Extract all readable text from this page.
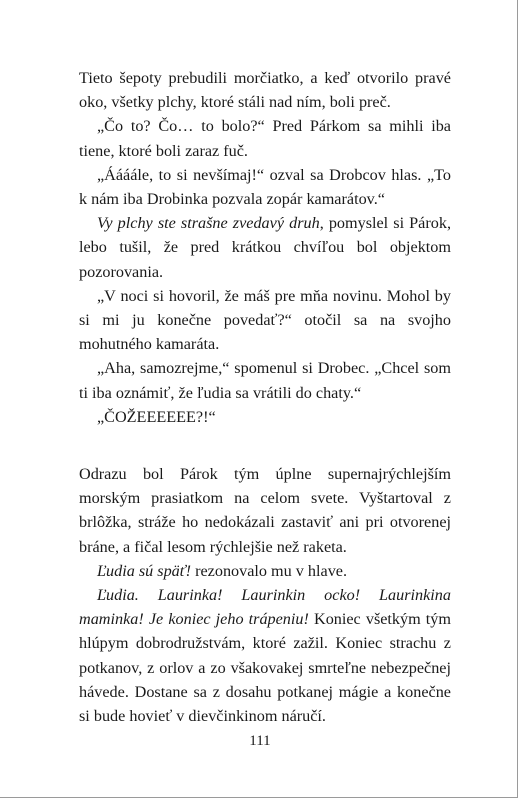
Tieto šepoty prebudili morčiatko, a keď otvorilo pravé oko, všetky plchy, ktoré stáli nad ním, boli preč.

„Čo to? Čo… to bolo?“ Pred Párkom sa mihli iba tiene, ktoré boli zaraz fuč.

„Áááále, to si nevšímaj!“ ozval sa Drobcov hlas. „To k nám iba Drobinka pozvala zopár kamarátov.“

Vy plchy ste strašne zvedavý druh, pomyslel si Párok, lebo tušil, že pred krátkou chvíľou bol objektom pozorovania.

„V noci si hovoril, že máš pre mňa novinu. Mohol by si mi ju konečne povedať?“ otočil sa na svojho mohutného kamaráta.

„Aha, samozrejme,“ spomenul si Drobec. „Chcel som ti iba oznámiť, že ľudia sa vrátili do chaty.“

„ČOŽEEEEEE?!“

Odrazu bol Párok tým úplne supernajrýchlejším morským prasiatkom na celom svete. Vyštartoval z brlôžka, stráže ho nedokázali zastaviť ani pri otvorenej bráne, a fičal lesom rýchlejšie než raketa.

Ľudia sú späť! rezonovalo mu v hlave.

Ľudia. Laurinka! Laurinkin ocko! Laurinkina maminka! Je koniec jeho trápeniu! Koniec všetkým tým hlúpym dobrodružstvám, ktoré zažil. Koniec strachu z potkanov, z orlov a zo všakovakej smrteľne nebezpečnej hávede. Dostane sa z dosahu potkanej mágie a konečne si bude hovieť v dievčinkinom náručí.

111
